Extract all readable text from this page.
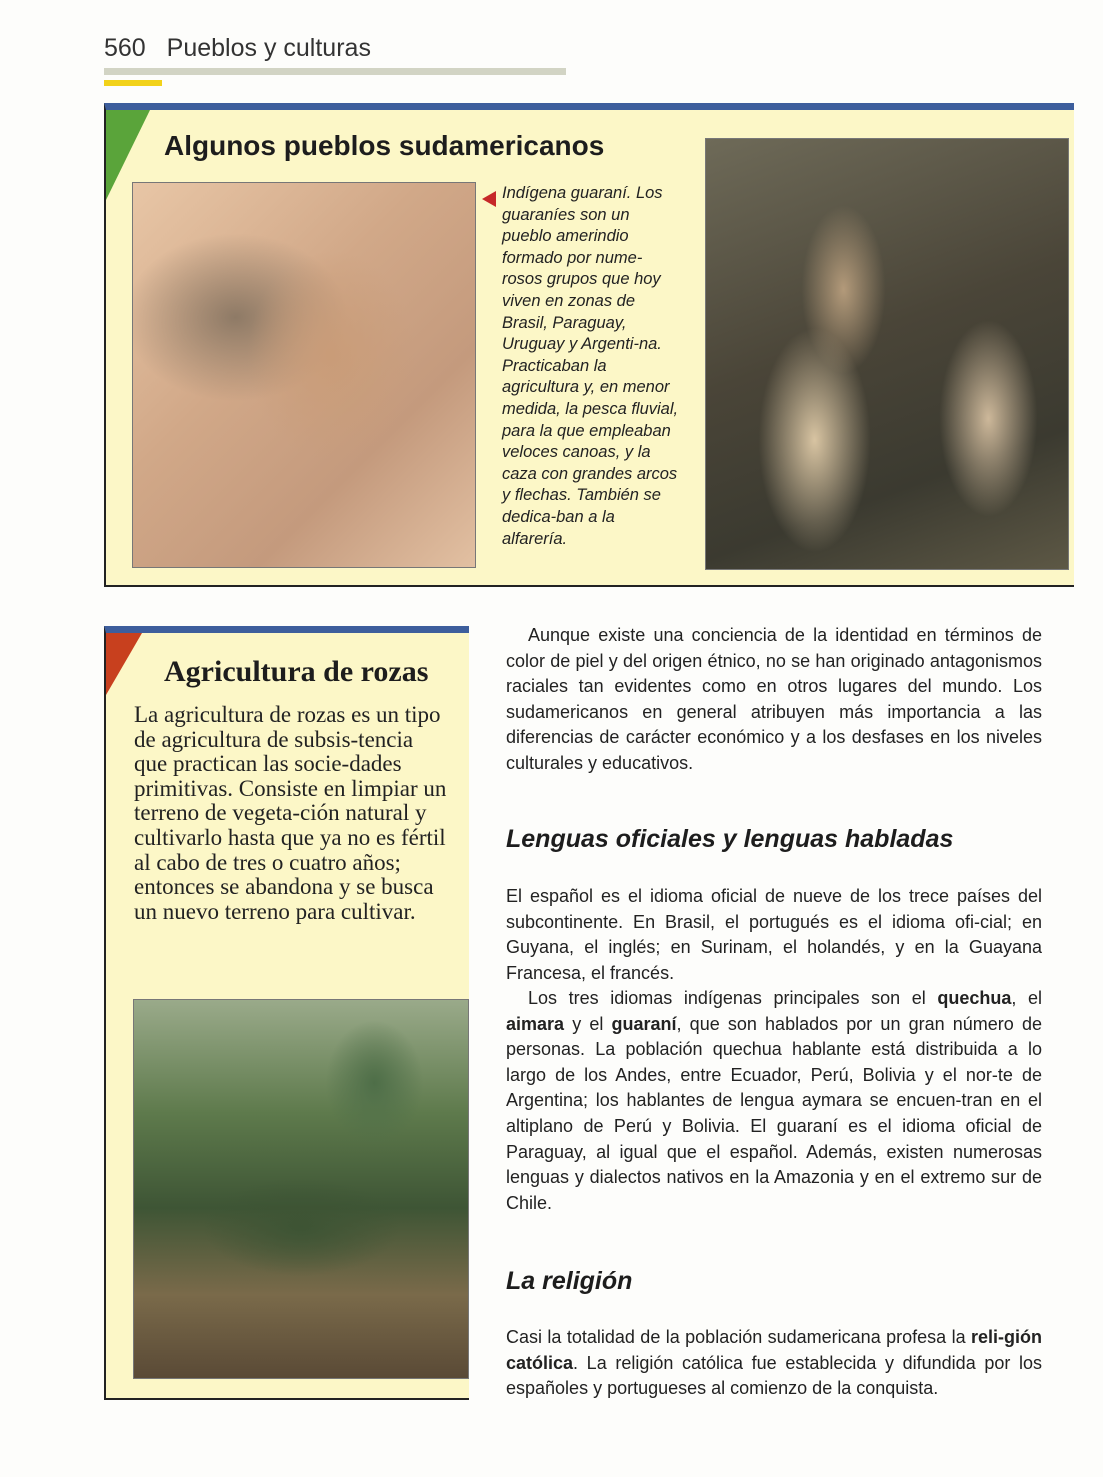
560 Pueblos y culturas
Algunos pueblos sudamericanos
Indígena guaraní. Los guaraníes son un pueblo amerindio formado por nume-rosos grupos que hoy viven en zonas de Brasil, Paraguay, Uruguay y Argenti-na. Practicaban la agricultura y, en menor medida, la pesca fluvial, para la que empleaban veloces canoas, y la caza con grandes arcos y flechas. También se dedica-ban a la alfarería.
Agricultura de rozas
La agricultura de rozas es un tipo de agricultura de subsis-tencia que practican las socie-dades primitivas. Consiste en limpiar un terreno de vegeta-ción natural y cultivarlo hasta que ya no es fértil al cabo de tres o cuatro años; entonces se abandona y se busca un nuevo terreno para cultivar.

Aunque existe una conciencia de la identidad en términos de color de piel y del origen étnico, no se han originado antagonismos raciales tan evidentes como en otros lugares del mundo. Los sudamericanos en general atribuyen más importancia a las diferencias de carácter económico y a los desfases en los niveles culturales y educativos.

Lenguas oficiales y lenguas habladas

El español es el idioma oficial de nueve de los trece países del subcontinente. En Brasil, el portugués es el idioma ofi-cial; en Guyana, el inglés; en Surinam, el holandés, y en la Guayana Francesa, el francés.

Los tres idiomas indígenas principales son el quechua, el aimara y el guaraní, que son hablados por un gran número de personas. La población quechua hablante está distribuida a lo largo de los Andes, entre Ecuador, Perú, Bolivia y el nor-te de Argentina; los hablantes de lengua aymara se encuen-tran en el altiplano de Perú y Bolivia. El guaraní es el idioma oficial de Paraguay, al igual que el español. Además, existen numerosas lenguas y dialectos nativos en la Amazonia y en el extremo sur de Chile.

La religión

Casi la totalidad de la población sudamericana profesa la reli-gión católica. La religión católica fue establecida y difundida por los españoles y portugueses al comienzo de la conquista.
